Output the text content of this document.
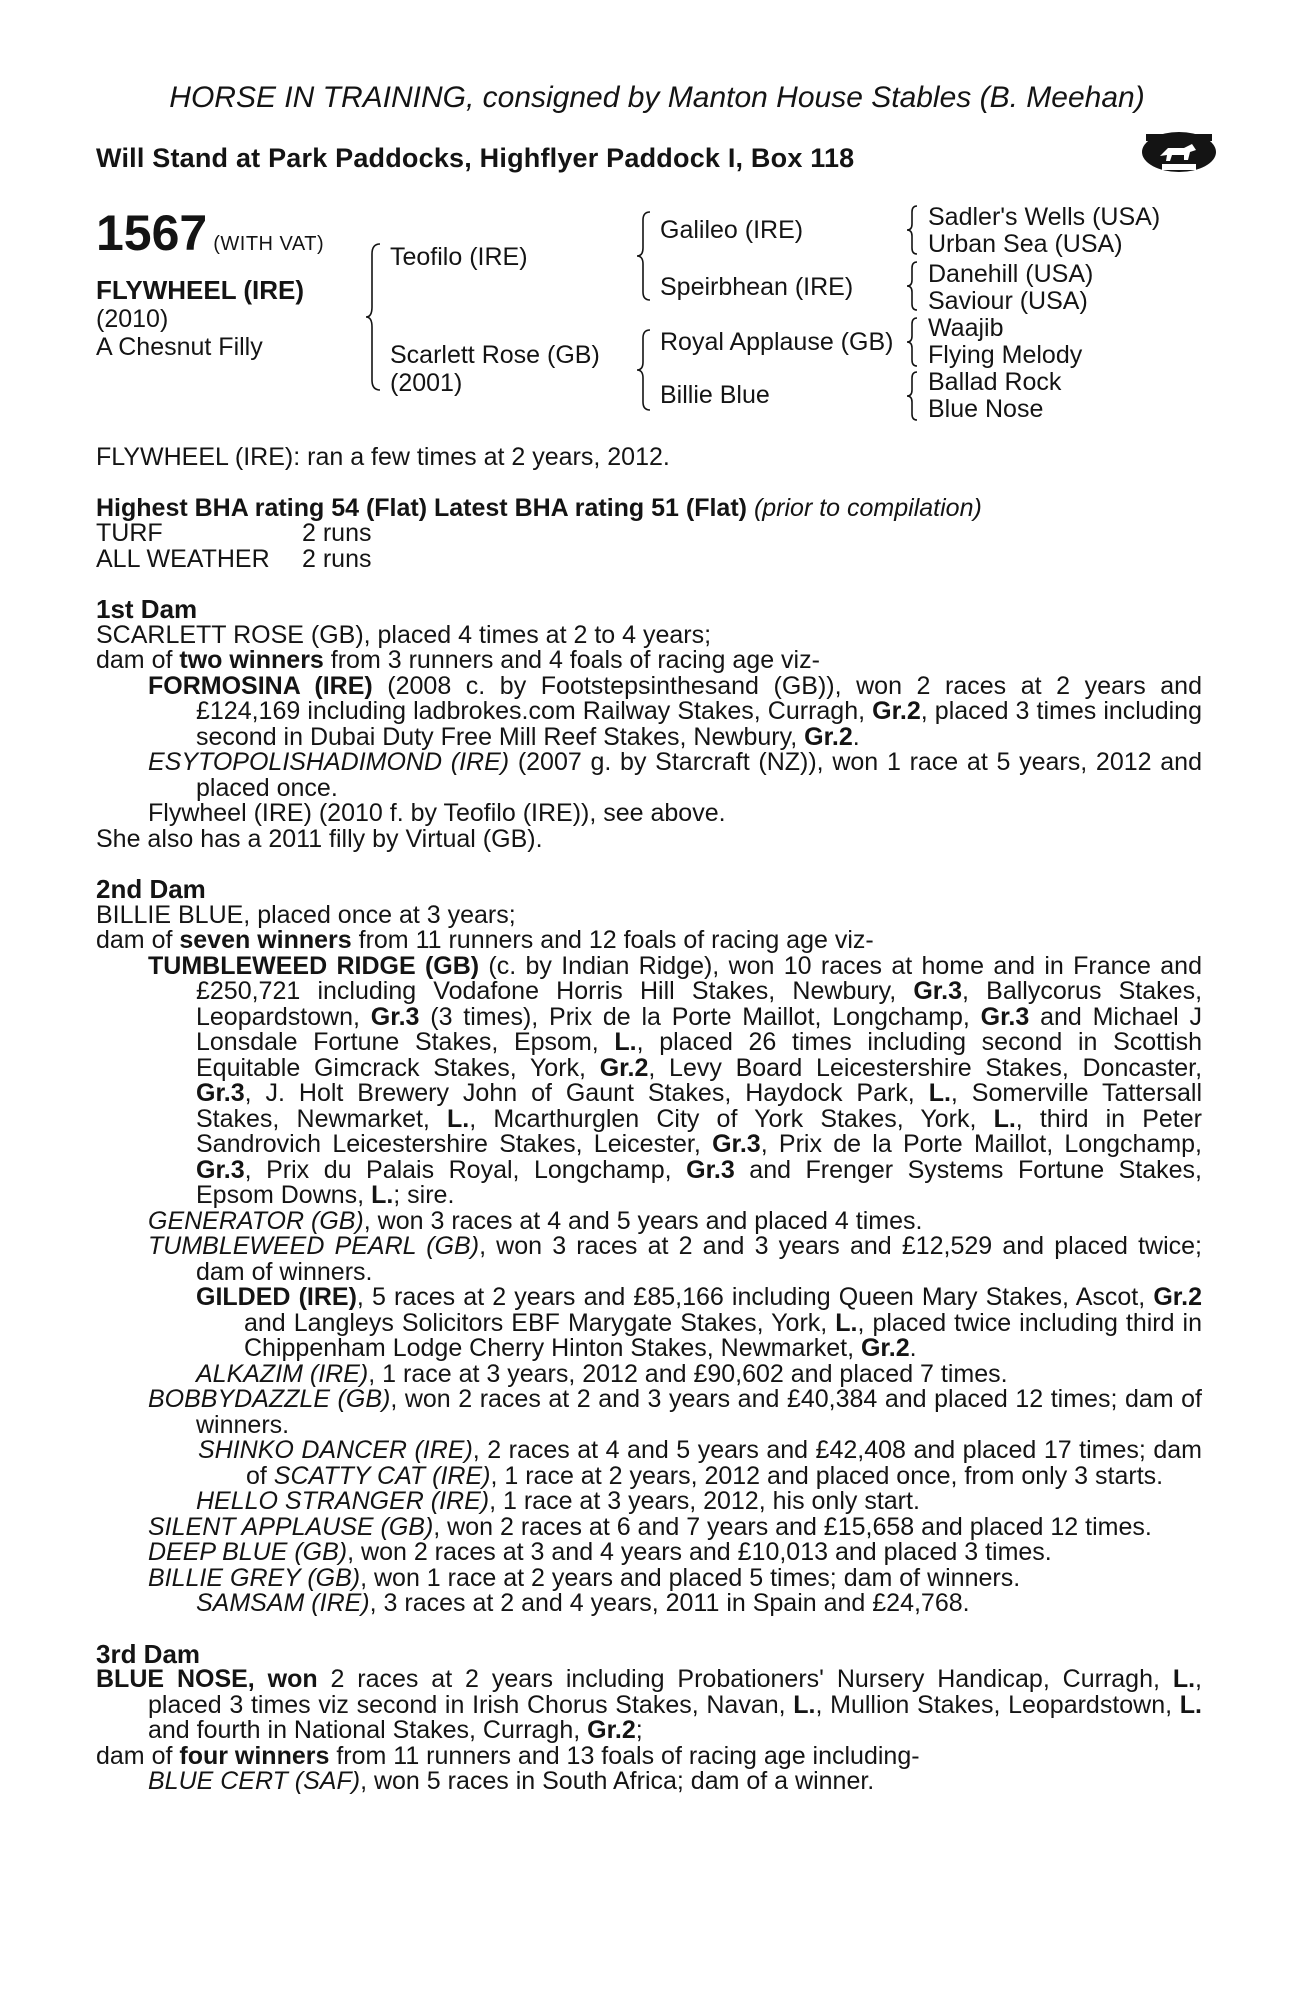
HORSE IN TRAINING, consigned by Manton House Stables (B. Meehan)
Will Stand at Park Paddocks, Highflyer Paddock I, Box 118
1567 (WITH VAT)
FLYWHEEL (IRE)
(2010)
A Chesnut Filly
Teofilo (IRE)
Scarlett Rose (GB)
(2001)
Galileo (IRE)
Speirbhean (IRE)
Royal Applause (GB)
Billie Blue
Sadler's Wells (USA)
Urban Sea (USA)
Danehill (USA)
Saviour (USA)
Waajib
Flying Melody
Ballad Rock
Blue Nose

FLYWHEEL (IRE): ran a few times at 2 years, 2012.

Highest BHA rating 54 (Flat) Latest BHA rating 51 (Flat) (prior to compilation)

TURF	2 runs

ALL WEATHER 2 runs

1st Dam

SCARLETT ROSE (GB), placed 4 times at 2 to 4 years;

dam of two winners from 3 runners and 4 foals of racing age viz-

FORMOSINA (IRE) (2008 c. by Footstepsinthesand (GB)), won 2 races at 2 years and £124,169 including ladbrokes.com Railway Stakes, Curragh, Gr.2, placed 3 times including second in Dubai Duty Free Mill Reef Stakes, Newbury, Gr.2.

ESYTOPOLISHADIMOND (IRE) (2007 g. by Starcraft (NZ)), won 1 race at 5 years, 2012 and placed once.

Flywheel (IRE) (2010 f. by Teofilo (IRE)), see above.

She also has a 2011 filly by Virtual (GB).

2nd Dam

BILLIE BLUE, placed once at 3 years;

dam of seven winners from 11 runners and 12 foals of racing age viz-

TUMBLEWEED RIDGE (GB) (c. by Indian Ridge), won 10 races at home and in France and £250,721 including Vodafone Horris Hill Stakes, Newbury, Gr.3, Ballycorus Stakes, Leopardstown, Gr.3 (3 times), Prix de la Porte Maillot, Longchamp, Gr.3 and Michael J Lonsdale Fortune Stakes, Epsom, L., placed 26 times including second in Scottish Equitable Gimcrack Stakes, York, Gr.2, Levy Board Leicestershire Stakes, Doncaster, Gr.3, J. Holt Brewery John of Gaunt Stakes, Haydock Park, L., Somerville Tattersall Stakes, Newmarket, L., Mcarthurglen City of York Stakes, York, L., third in Peter Sandrovich Leicestershire Stakes, Leicester, Gr.3, Prix de la Porte Maillot, Longchamp, Gr.3, Prix du Palais Royal, Longchamp, Gr.3 and Frenger Systems Fortune Stakes, Epsom Downs, L.; sire.

GENERATOR (GB), won 3 races at 4 and 5 years and placed 4 times.

TUMBLEWEED PEARL (GB), won 3 races at 2 and 3 years and £12,529 and placed twice; dam of winners.

GILDED (IRE), 5 races at 2 years and £85,166 including Queen Mary Stakes, Ascot, Gr.2 and Langleys Solicitors EBF Marygate Stakes, York, L., placed twice including third in Chippenham Lodge Cherry Hinton Stakes, Newmarket, Gr.2.

ALKAZIM (IRE), 1 race at 3 years, 2012 and £90,602 and placed 7 times.

BOBBYDAZZLE (GB), won 2 races at 2 and 3 years and £40,384 and placed 12 times; dam of winners.

SHINKO DANCER (IRE), 2 races at 4 and 5 years and £42,408 and placed 17 times; dam of SCATTY CAT (IRE), 1 race at 2 years, 2012 and placed once, from only 3 starts.

HELLO STRANGER (IRE), 1 race at 3 years, 2012, his only start.

SILENT APPLAUSE (GB), won 2 races at 6 and 7 years and £15,658 and placed 12 times.

DEEP BLUE (GB), won 2 races at 3 and 4 years and £10,013 and placed 3 times.

BILLIE GREY (GB), won 1 race at 2 years and placed 5 times; dam of winners.

SAMSAM (IRE), 3 races at 2 and 4 years, 2011 in Spain and £24,768.

3rd Dam

BLUE NOSE, won 2 races at 2 years including Probationers' Nursery Handicap, Curragh, L., placed 3 times viz second in Irish Chorus Stakes, Navan, L., Mullion Stakes, Leopardstown, L. and fourth in National Stakes, Curragh, Gr.2;

dam of four winners from 11 runners and 13 foals of racing age including-

BLUE CERT (SAF), won 5 races in South Africa; dam of a winner.
